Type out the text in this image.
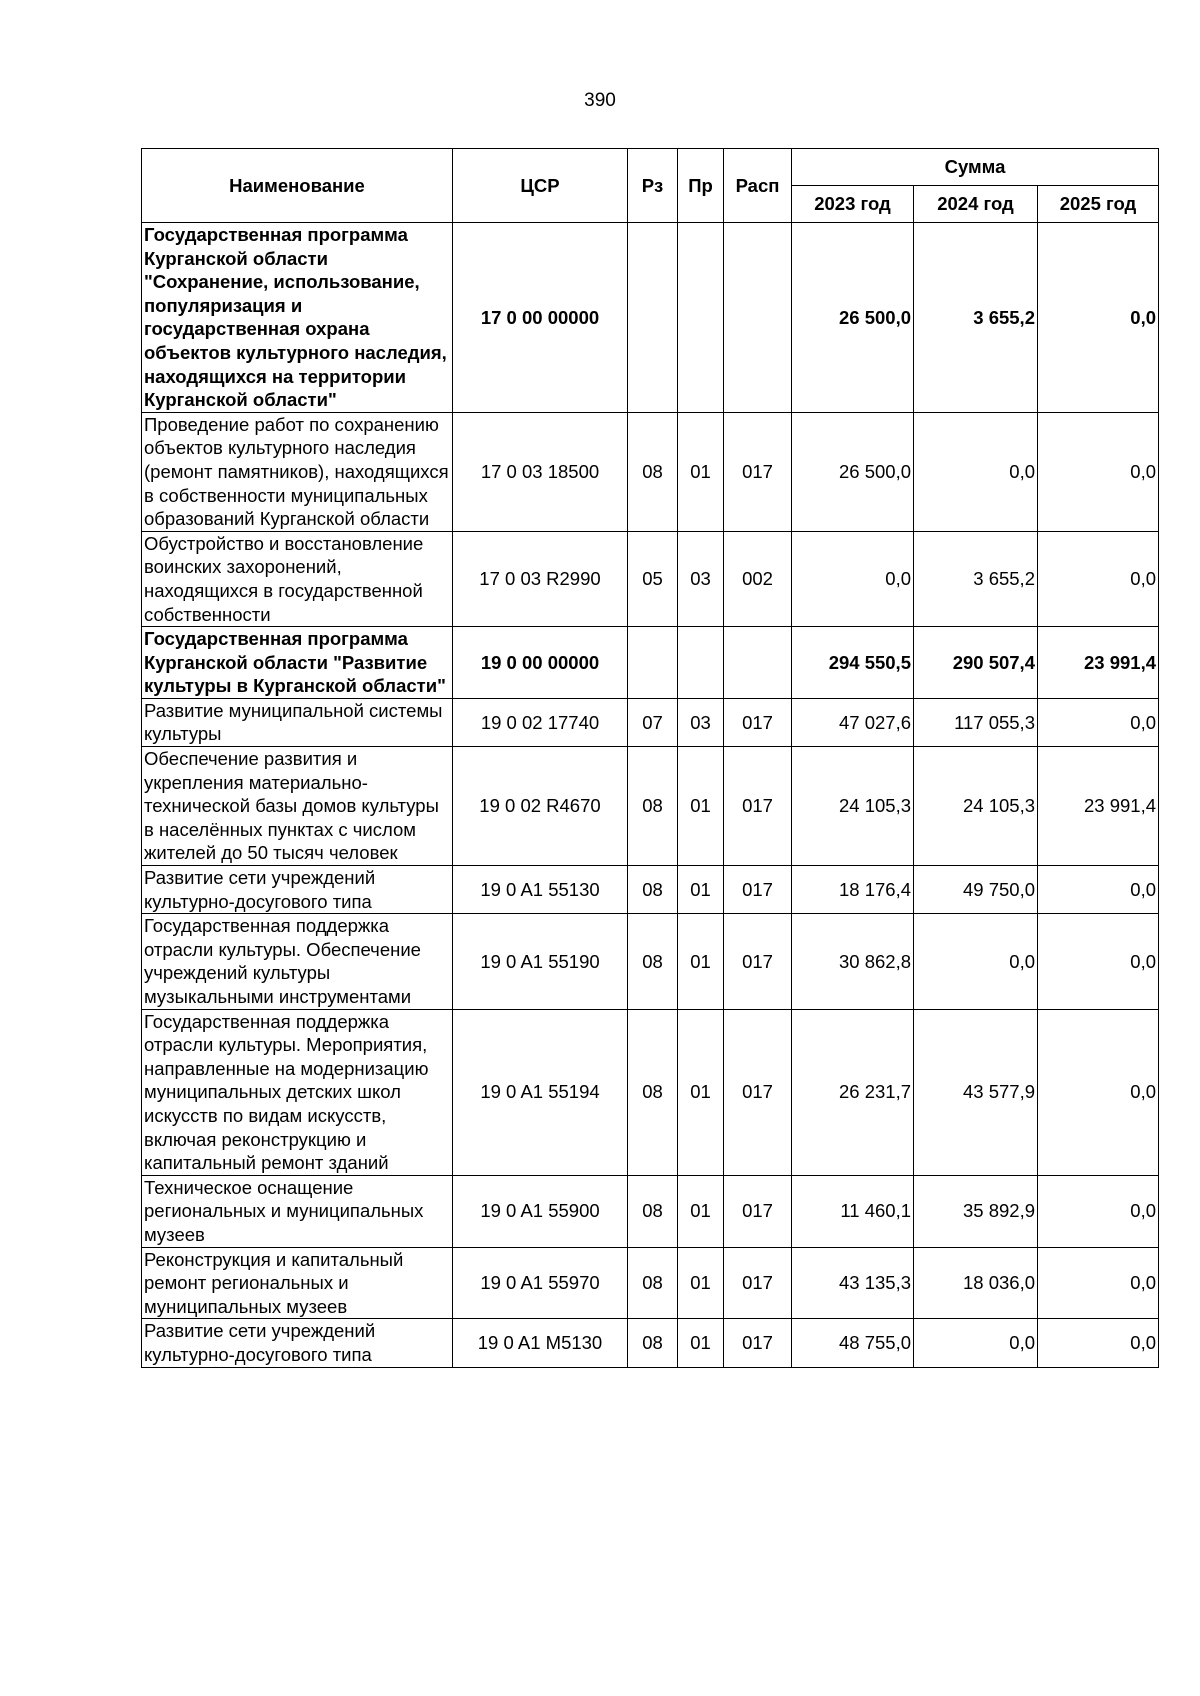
390
Наименование	ЦСР	Рз	Пр	Расп	Сумма		
					2023 год	2024 год	2025 год
Государственная программа Курганской области "Сохранение, использование, популяризация и государственная охрана объектов культурного наследия, находящихся на территории Курганской области"	17 0 00 00000				26 500,0	3 655,2	0,0
Проведение работ по сохранению объектов культурного наследия (ремонт памятников), находящихся в собственности муниципальных образований Курганской области	17 0 03 18500	08	01	017	26 500,0	0,0	0,0
Обустройство и восстановление воинских захоронений, находящихся в государственной собственности	17 0 03 R2990	05	03	002	0,0	3 655,2	0,0
Государственная программа Курганской области "Развитие культуры в Курганской области"	19 0 00 00000				294 550,5	290 507,4	23 991,4
Развитие муниципальной системы культуры	19 0 02 17740	07	03	017	47 027,6	117 055,3	0,0
Обеспечение развития и укрепления материально-технической базы домов культуры в населённых пунктах с числом жителей до 50 тысяч человек	19 0 02 R4670	08	01	017	24 105,3	24 105,3	23 991,4
Развитие сети учреждений культурно-досугового типа	19 0 A1 55130	08	01	017	18 176,4	49 750,0	0,0
Государственная поддержка отрасли культуры. Обеспечение учреждений культуры музыкальными инструментами	19 0 A1 55190	08	01	017	30 862,8	0,0	0,0
Государственная поддержка отрасли культуры. Мероприятия, направленные на модернизацию муниципальных детских школ искусств по видам искусств, включая реконструкцию и капитальный ремонт зданий	19 0 A1 55194	08	01	017	26 231,7	43 577,9	0,0
Техническое оснащение региональных и муниципальных музеев	19 0 A1 55900	08	01	017	11 460,1	35 892,9	0,0
Реконструкция и капитальный ремонт региональных и муниципальных музеев	19 0 A1 55970	08	01	017	43 135,3	18 036,0	0,0
Развитие сети учреждений культурно-досугового типа	19 0 A1 M5130	08	01	017	48 755,0	0,0	0,0
